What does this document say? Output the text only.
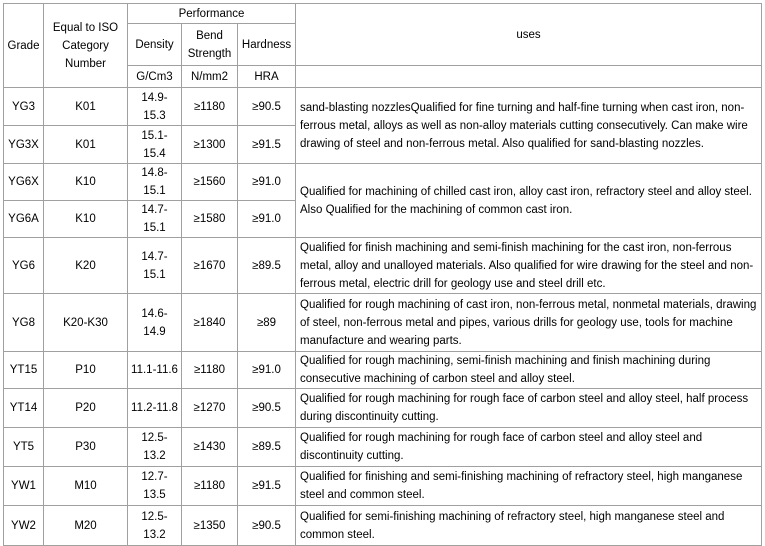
Grade	Equal to ISO Category Number	Performance			uses
		Density	Bend Strength	Hardness	
		G/Cm3	N/mm2	HRA	
YG3	K01	14.9-15.3	≥1180	≥90.5	sand-blasting nozzlesQualified for fine turning and half-fine turning when cast iron, non-ferrous metal, alloys as well as non-alloy materials cutting consecutively. Can make wire drawing of steel and non-ferrous metal. Also qualified for sand-blasting nozzles.
YG3X	K01	15.1-15.4	≥1300	≥91.5	
YG6X	K10	14.8-15.1	≥1560	≥91.0	Qualified for machining of chilled cast iron, alloy cast iron, refractory steel and alloy steel. Also Qualified for the machining of common cast iron.
YG6A	K10	14.7-15.1	≥1580	≥91.0	
YG6	K20	14.7-15.1	≥1670	≥89.5	Qualified for finish machining and semi-finish machining for the cast iron, non-ferrous metal, alloy and unalloyed materials. Also qualified for wire drawing for the steel and non-ferrous metal, electric drill for geology use and steel drill etc.
YG8	K20-K30	14.6-14.9	≥1840	≥89	Qualified for rough machining of cast iron, non-ferrous metal, nonmetal materials, drawing of steel, non-ferrous metal and pipes, various drills for geology use, tools for machine manufacture and wearing parts.
YT15	P10	11.1-11.6	≥1180	≥91.0	Qualified for rough machining, semi-finish machining and finish machining during consecutive machining of carbon steel and alloy steel.
YT14	P20	11.2-11.8	≥1270	≥90.5	Qualified for rough machining for rough face of carbon steel and alloy steel, half process during discontinuity cutting.
YT5	P30	12.5-13.2	≥1430	≥89.5	Qualified for rough machining for rough face of carbon steel and alloy steel and discontinuity cutting.
YW1	M10	12.7-13.5	≥1180	≥91.5	Qualified for finishing and semi-finishing machining of refractory steel, high manganese steel and common steel.
YW2	M20	12.5-13.2	≥1350	≥90.5	Qualified for semi-finishing machining of refractory steel, high manganese steel and common steel.
